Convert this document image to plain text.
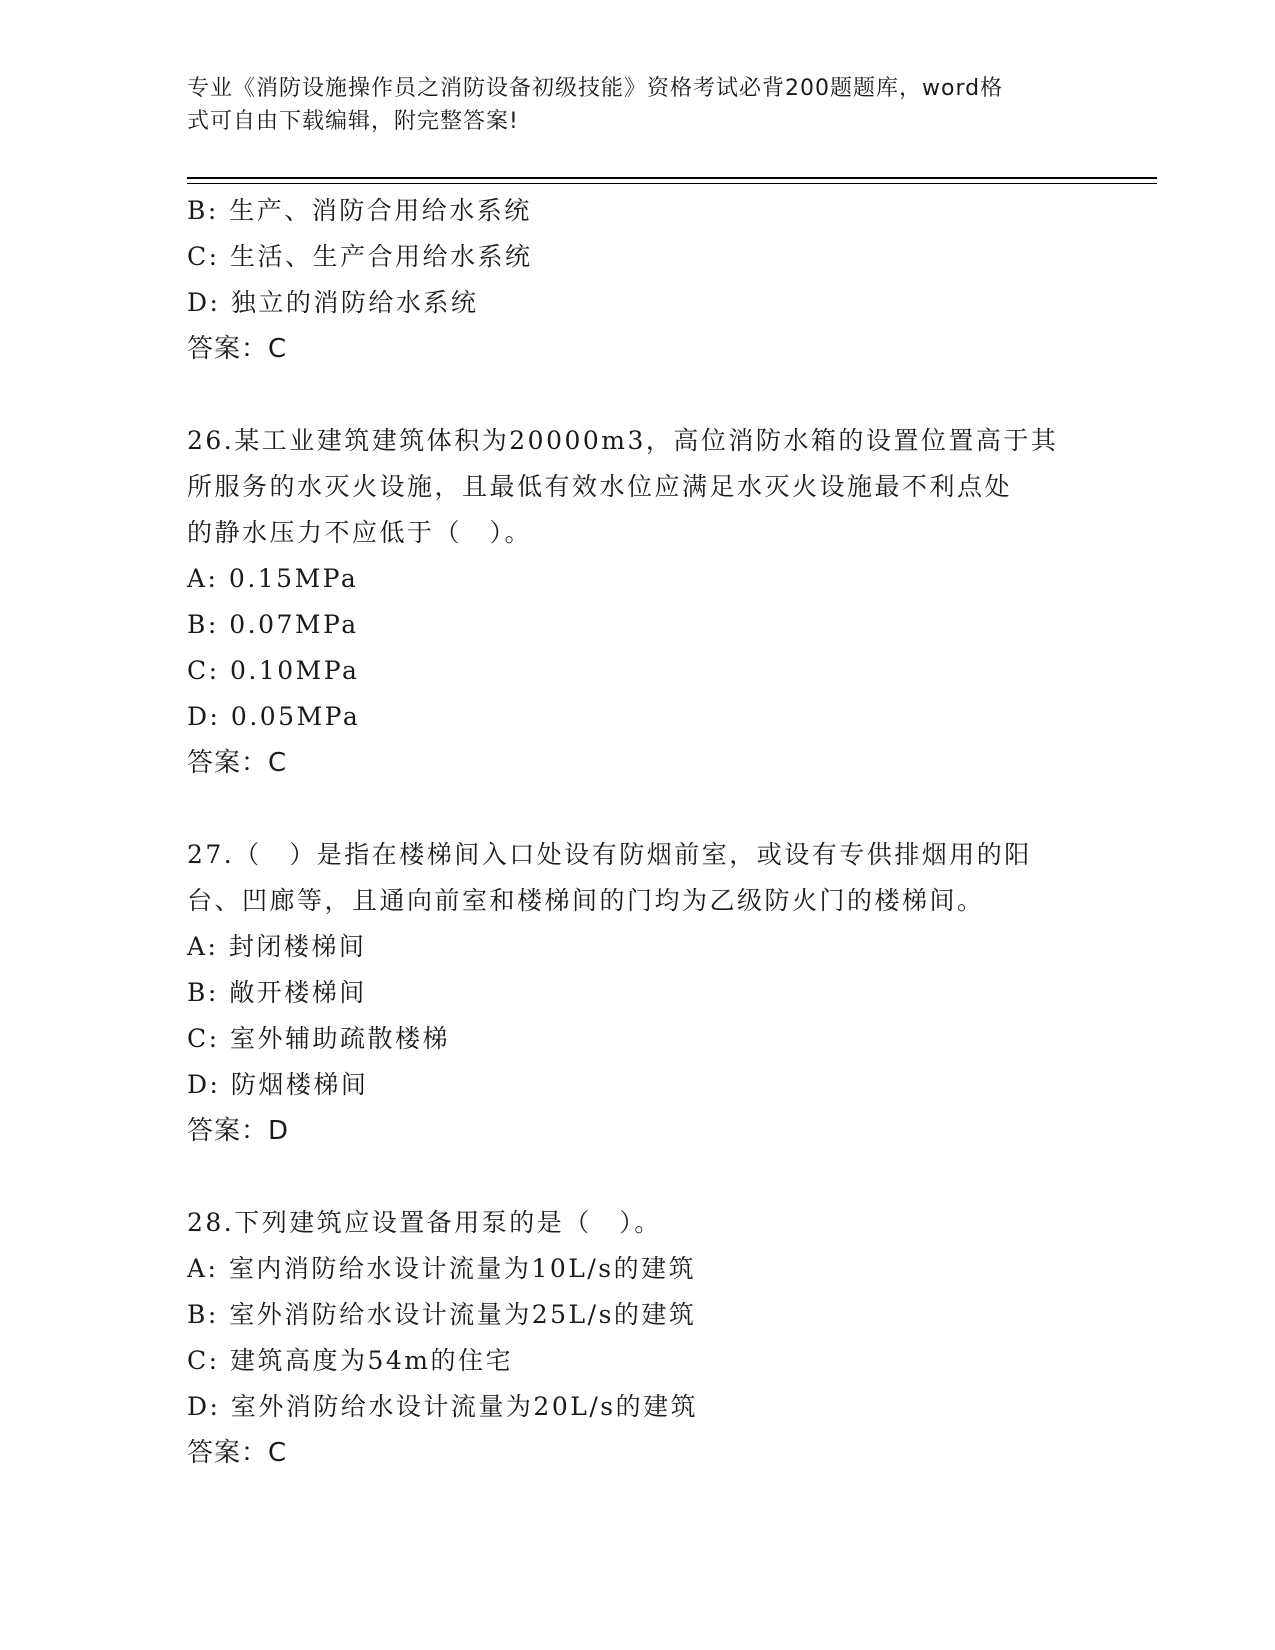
专业《消防设施操作员之消防设备初级技能》资格考试必背200题题库，word格
式可自由下载编辑，附完整答案!

B: 生产、消防合用给水系统

C: 生活、生产合用给水系统

D: 独立的消防给水系统

答案：C

26.某工业建筑建筑体积为20000m3，高位消防水箱的设置位置高于其

所服务的水灭火设施，且最低有效水位应满足水灭火设施最不利点处

的静水压力不应低于（　）。

A: 0.15MPa

B: 0.07MPa

C: 0.10MPa

D: 0.05MPa

答案：C

27.（　）是指在楼梯间入口处设有防烟前室，或设有专供排烟用的阳

台、凹廊等，且通向前室和楼梯间的门均为乙级防火门的楼梯间。

A: 封闭楼梯间

B: 敞开楼梯间

C: 室外辅助疏散楼梯

D: 防烟楼梯间

答案：D

28.下列建筑应设置备用泵的是（　）。

A: 室内消防给水设计流量为10L/s的建筑

B: 室外消防给水设计流量为25L/s的建筑

C: 建筑高度为54m的住宅

D: 室外消防给水设计流量为20L/s的建筑

答案：C
